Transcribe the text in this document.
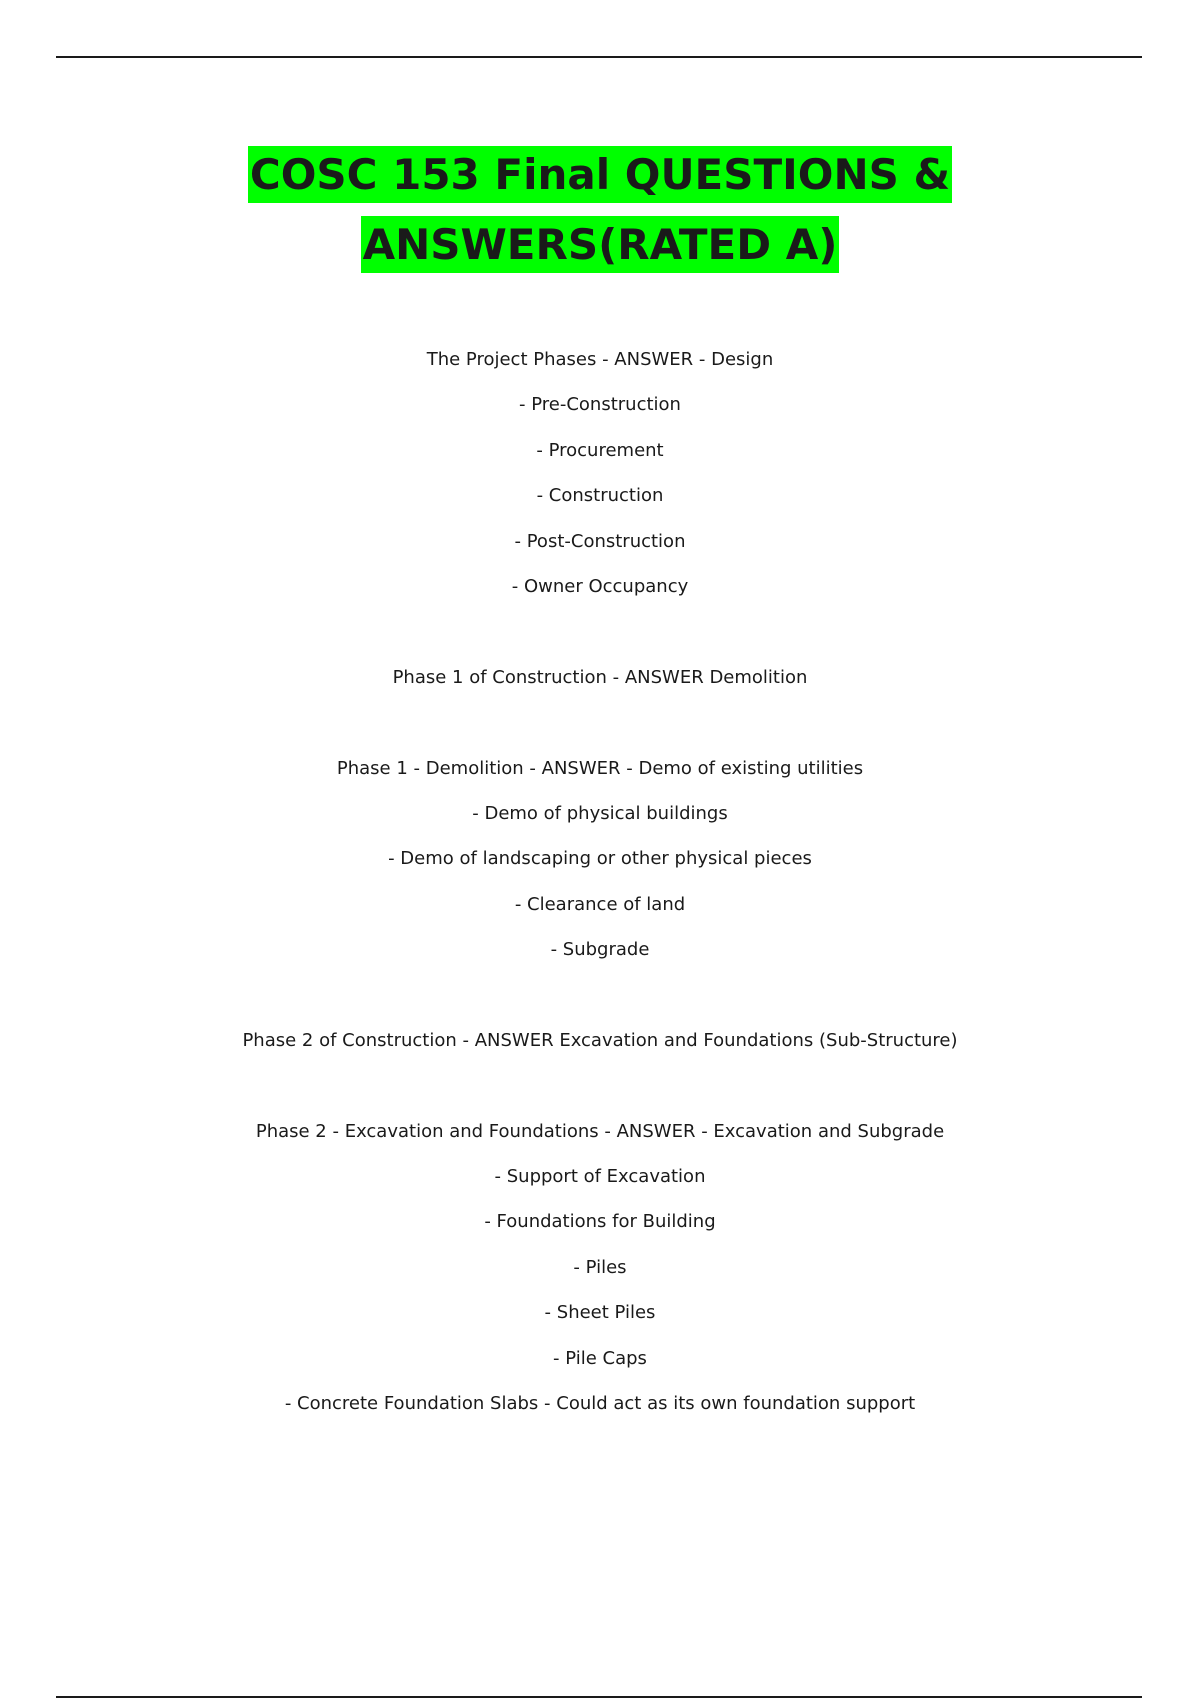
COSC 153 Final QUESTIONS &
ANSWERS(RATED A)
The Project Phases - ANSWER - Design
- Pre-Construction
- Procurement
- Construction
- Post-Construction
- Owner Occupancy
Phase 1 of Construction - ANSWER Demolition
Phase 1 - Demolition - ANSWER - Demo of existing utilities
- Demo of physical buildings
- Demo of landscaping or other physical pieces
- Clearance of land
- Subgrade
Phase 2 of Construction - ANSWER Excavation and Foundations (Sub-Structure)
Phase 2 - Excavation and Foundations - ANSWER - Excavation and Subgrade
- Support of Excavation
- Foundations for Building
- Piles
- Sheet Piles
- Pile Caps
- Concrete Foundation Slabs - Could act as its own foundation support
